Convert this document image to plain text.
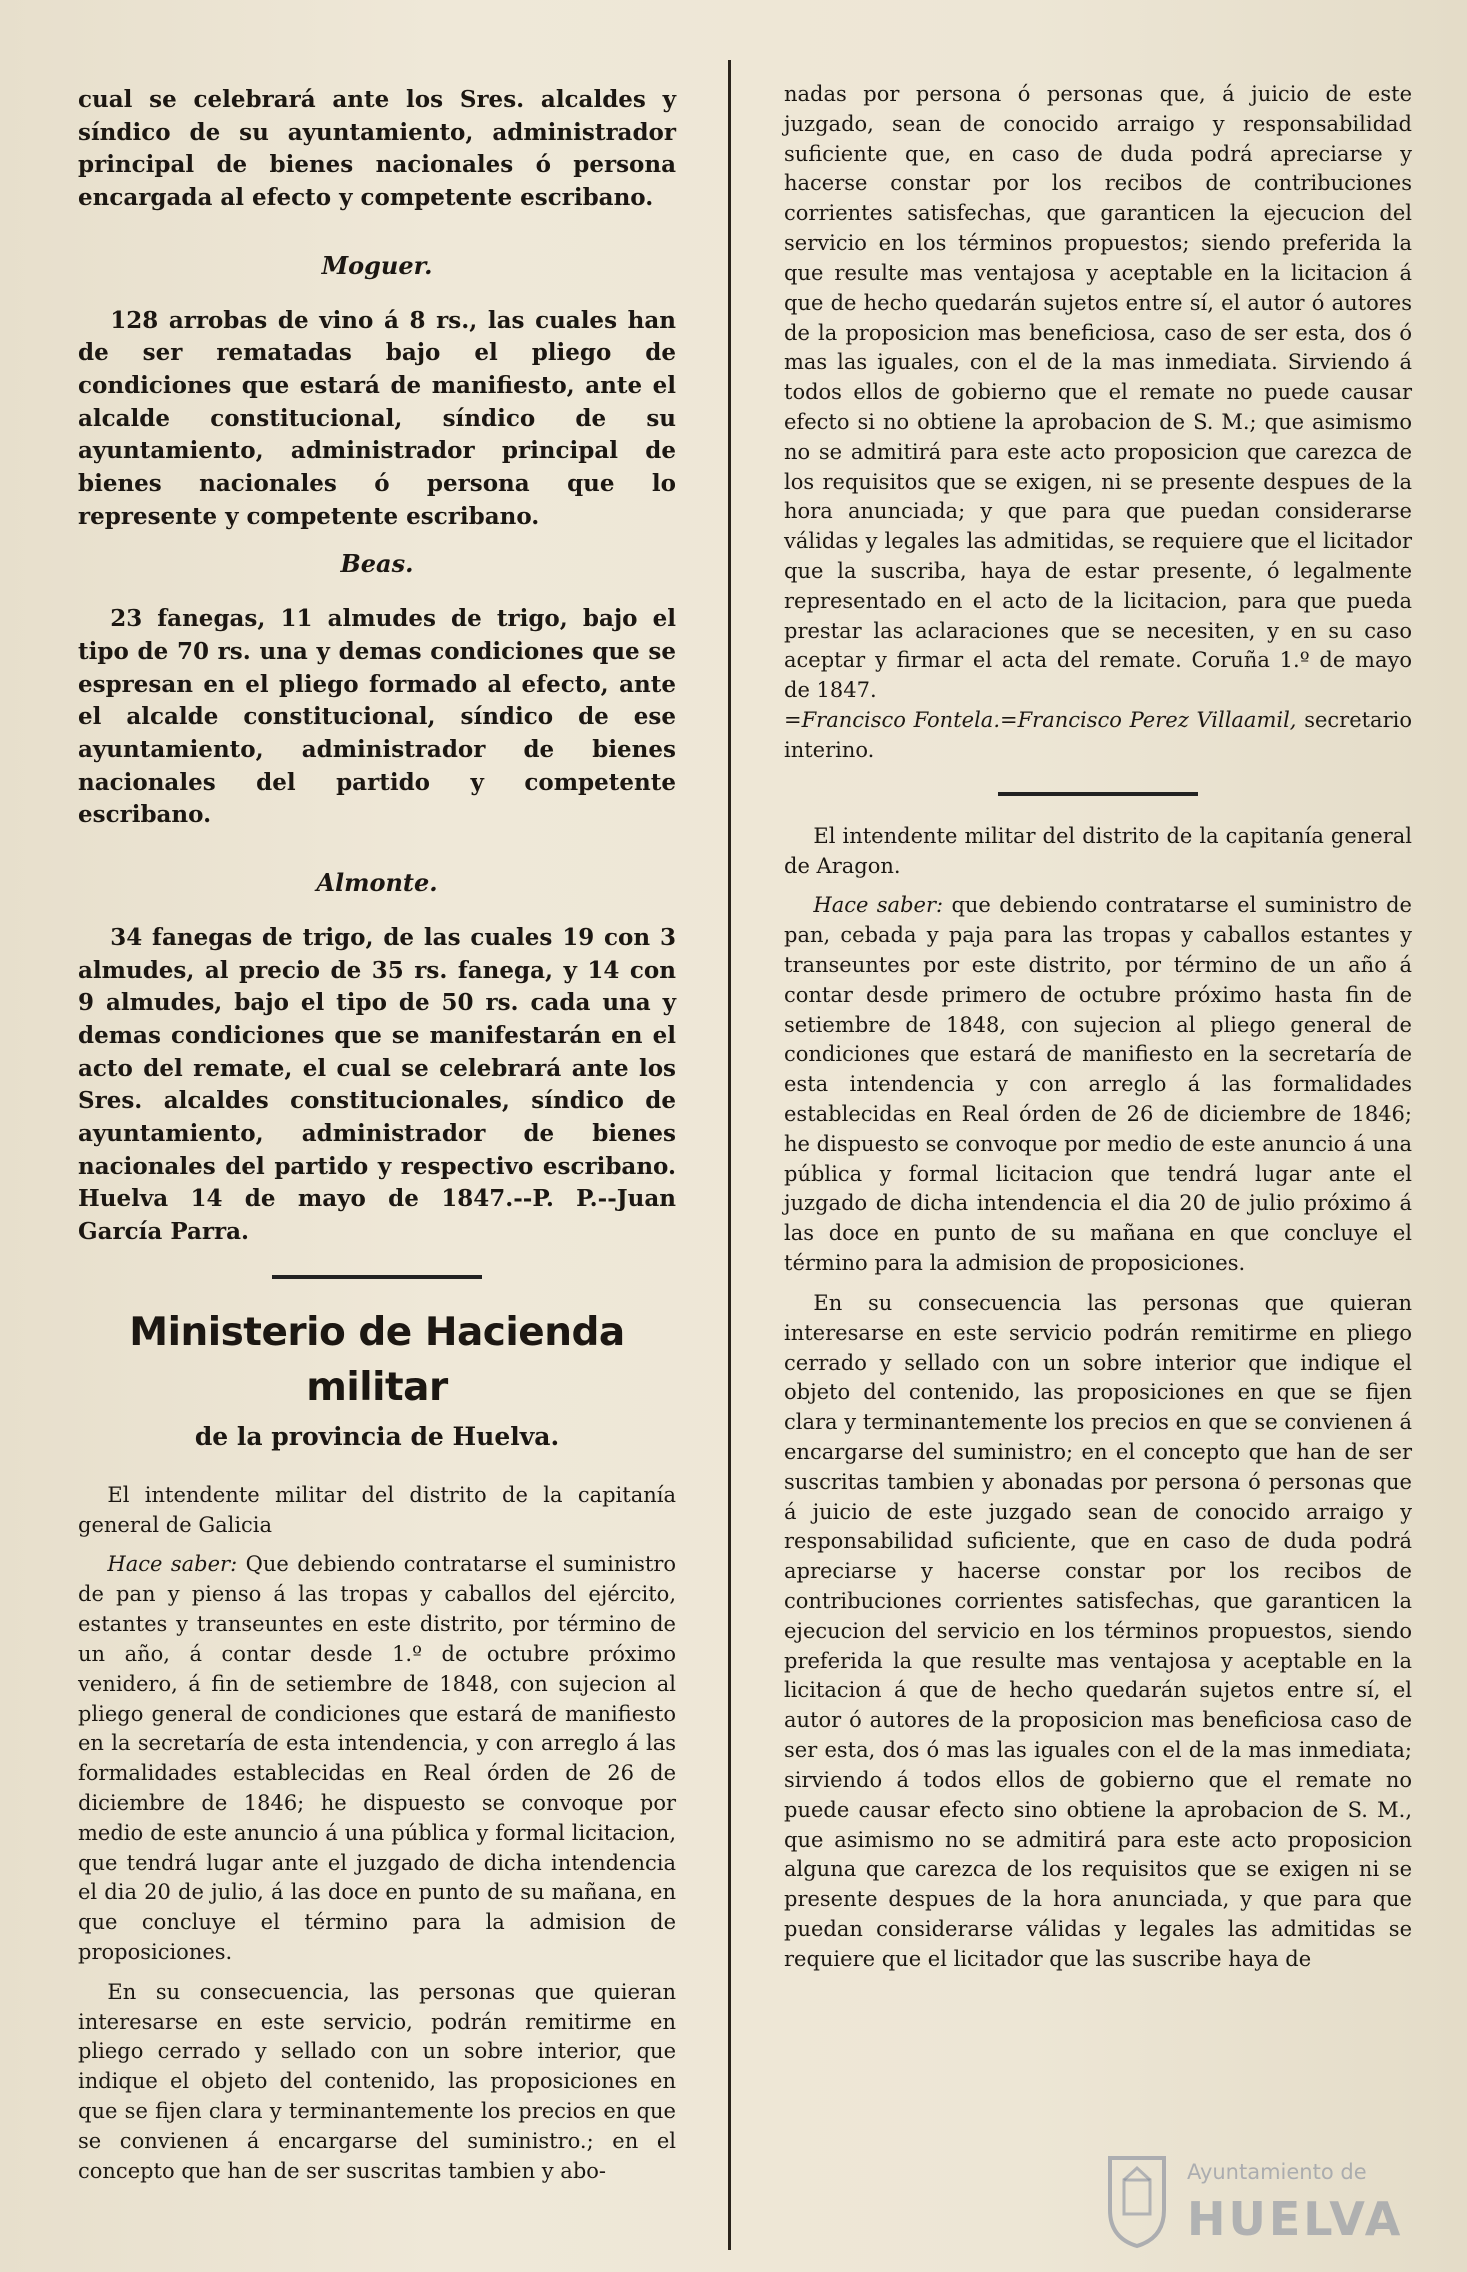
cual se celebrará ante los Sres. alcaldes y síndico de su ayuntamiento, administrador principal de bienes nacionales ó persona encargada al efecto y competente escribano.

Moguer.

128 arrobas de vino á 8 rs., las cuales han de ser rematadas bajo el pliego de condiciones que estará de manifiesto, ante el alcalde constitucional, síndico de su ayuntamiento, administrador principal de bienes nacionales ó persona que lo represente y competente escribano.

Beas.

23 fanegas, 11 almudes de trigo, bajo el tipo de 70 rs. una y demas condiciones que se espresan en el pliego formado al efecto, ante el alcalde constitucional, síndico de ese ayuntamiento, administrador de bienes nacionales del partido y competente escribano.

Almonte.

34 fanegas de trigo, de las cuales 19 con 3 almudes, al precio de 35 rs. fanega, y 14 con 9 almudes, bajo el tipo de 50 rs. cada una y demas condiciones que se manifestarán en el acto del remate, el cual se celebrará ante los Sres. alcaldes constitucionales, síndico de ayuntamiento, administrador de bienes nacionales del partido y respectivo escribano. Huelva 14 de mayo de 1847.--P. P.--Juan García Parra.

Ministerio de Hacienda militar
de la provincia de Huelva.

El intendente militar del distrito de la capitanía general de Galicia

Hace saber: Que debiendo contratarse el suministro de pan y pienso á las tropas y caballos del ejército, estantes y transeuntes en este distrito, por término de un año, á contar desde 1.º de octubre próximo venidero, á fin de setiembre de 1848, con sujecion al pliego general de condiciones que estará de manifiesto en la secretaría de esta intendencia, y con arreglo á las formalidades establecidas en Real órden de 26 de diciembre de 1846; he dispuesto se convoque por medio de este anuncio á una pública y formal licitacion, que tendrá lugar ante el juzgado de dicha intendencia el dia 20 de julio, á las doce en punto de su mañana, en que concluye el término para la admision de proposiciones.

En su consecuencia, las personas que quieran interesarse en este servicio, podrán remitirme en pliego cerrado y sellado con un sobre interior, que indique el objeto del contenido, las proposiciones en que se fijen clara y terminantemente los precios en que se convienen á encargarse del suministro.; en el concepto que han de ser suscritas tambien y abo-

nadas por persona ó personas que, á juicio de este juzgado, sean de conocido arraigo y responsabilidad suficiente que, en caso de duda podrá apreciarse y hacerse constar por los recibos de contribuciones corrientes satisfechas, que garanticen la ejecucion del servicio en los términos propuestos; siendo preferida la que resulte mas ventajosa y aceptable en la licitacion á que de hecho quedarán sujetos entre sí, el autor ó autores de la proposicion mas beneficiosa, caso de ser esta, dos ó mas las iguales, con el de la mas inmediata. Sirviendo á todos ellos de gobierno que el remate no puede causar efecto si no obtiene la aprobacion de S. M.; que asimismo no se admitirá para este acto proposicion que carezca de los requisitos que se exigen, ni se presente despues de la hora anunciada; y que para que puedan considerarse válidas y legales las admitidas, se requiere que el licitador que la suscriba, haya de estar presente, ó legalmente representado en el acto de la licitacion, para que pueda prestar las aclaraciones que se necesiten, y en su caso aceptar y firmar el acta del remate. Coruña 1.º de mayo de 1847.

=Francisco Fontela.=Francisco Perez Villaamil, secretario interino.

El intendente militar del distrito de la capitanía general de Aragon.

Hace saber: que debiendo contratarse el suministro de pan, cebada y paja para las tropas y caballos estantes y transeuntes por este distrito, por término de un año á contar desde primero de octubre próximo hasta fin de setiembre de 1848, con sujecion al pliego general de condiciones que estará de manifiesto en la secretaría de esta intendencia y con arreglo á las formalidades establecidas en Real órden de 26 de diciembre de 1846; he dispuesto se convoque por medio de este anuncio á una pública y formal licitacion que tendrá lugar ante el juzgado de dicha intendencia el dia 20 de julio próximo á las doce en punto de su mañana en que concluye el término para la admision de proposiciones.

En su consecuencia las personas que quieran interesarse en este servicio podrán remitirme en pliego cerrado y sellado con un sobre interior que indique el objeto del contenido, las proposiciones en que se fijen clara y terminantemente los precios en que se convienen á encargarse del suministro; en el concepto que han de ser suscritas tambien y abonadas por persona ó personas que á juicio de este juzgado sean de conocido arraigo y responsabilidad suficiente, que en caso de duda podrá apreciarse y hacerse constar por los recibos de contribuciones corrientes satisfechas, que garanticen la ejecucion del servicio en los términos propuestos, siendo preferida la que resulte mas ventajosa y aceptable en la licitacion á que de hecho quedarán sujetos entre sí, el autor ó autores de la proposicion mas beneficiosa caso de ser esta, dos ó mas las iguales con el de la mas inmediata; sirviendo á todos ellos de gobierno que el remate no puede causar efecto sino obtiene la aprobacion de S. M., que asimismo no se admitirá para este acto proposicion alguna que carezca de los requisitos que se exigen ni se presente despues de la hora anunciada, y que para que puedan considerarse válidas y legales las admitidas se requiere que el licitador que las suscribe haya de

Ayuntamiento de
HUELVA
